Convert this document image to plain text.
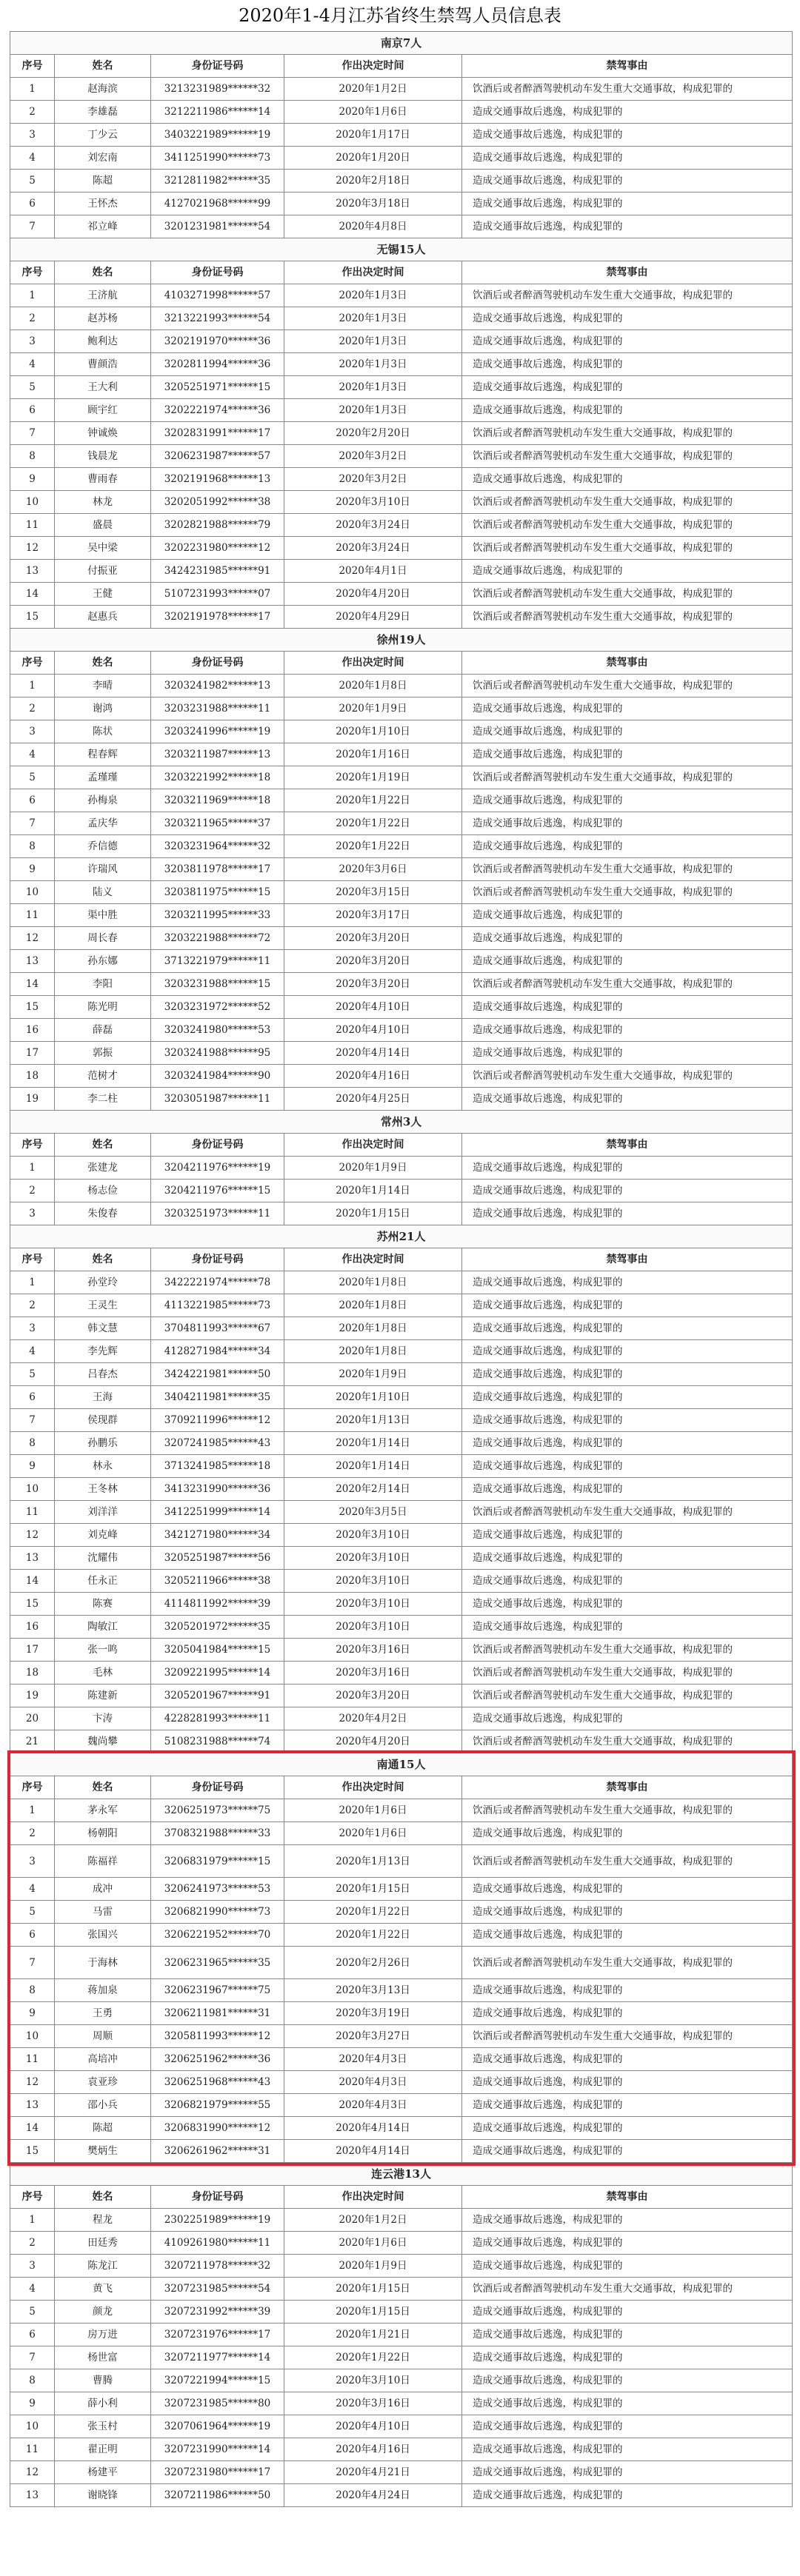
2020年1-4月江苏省终生禁驾人员信息表
南京7人				
序号	姓名	身份证号码	作出决定时间	禁驾事由
1	赵海滨	3213231989******32	2020年1月2日	饮酒后或者醉酒驾驶机动车发生重大交通事故，构成犯罪的
2	李雄磊	3212211986******14	2020年1月6日	造成交通事故后逃逸，构成犯罪的
3	丁少云	3403221989******19	2020年1月17日	造成交通事故后逃逸，构成犯罪的
4	刘宏南	3411251990******73	2020年1月20日	造成交通事故后逃逸，构成犯罪的
5	陈超	3212811982******35	2020年2月18日	造成交通事故后逃逸，构成犯罪的
6	王怀杰	4127021968******99	2020年3月18日	造成交通事故后逃逸，构成犯罪的
7	祁立峰	3201231981******54	2020年4月8日	造成交通事故后逃逸，构成犯罪的
无锡15人				
序号	姓名	身份证号码	作出决定时间	禁驾事由
1	王济航	4103271998******57	2020年1月3日	饮酒后或者醉酒驾驶机动车发生重大交通事故，构成犯罪的
2	赵苏杨	3213221993******54	2020年1月3日	造成交通事故后逃逸，构成犯罪的
3	鲍利达	3202191970******36	2020年1月3日	造成交通事故后逃逸，构成犯罪的
4	曹颜浩	3202811994******36	2020年1月3日	造成交通事故后逃逸，构成犯罪的
5	王大利	3205251971******15	2020年1月3日	造成交通事故后逃逸，构成犯罪的
6	顾宇红	3202221974******36	2020年1月3日	造成交通事故后逃逸，构成犯罪的
7	钟诚焕	3202831991******17	2020年2月20日	饮酒后或者醉酒驾驶机动车发生重大交通事故，构成犯罪的
8	钱晨龙	3206231987******57	2020年3月2日	饮酒后或者醉酒驾驶机动车发生重大交通事故，构成犯罪的
9	曹雨春	3202191968******13	2020年3月2日	造成交通事故后逃逸，构成犯罪的
10	林龙	3202051992******38	2020年3月10日	饮酒后或者醉酒驾驶机动车发生重大交通事故，构成犯罪的
11	盛晨	3202821988******79	2020年3月24日	饮酒后或者醉酒驾驶机动车发生重大交通事故，构成犯罪的
12	吴中梁	3202231980******12	2020年3月24日	饮酒后或者醉酒驾驶机动车发生重大交通事故，构成犯罪的
13	付振亚	3424231985******91	2020年4月1日	造成交通事故后逃逸，构成犯罪的
14	王健	5107231993******07	2020年4月20日	饮酒后或者醉酒驾驶机动车发生重大交通事故，构成犯罪的
15	赵惠兵	3202191978******17	2020年4月29日	饮酒后或者醉酒驾驶机动车发生重大交通事故，构成犯罪的
徐州19人				
序号	姓名	身份证号码	作出决定时间	禁驾事由
1	李晴	3203241982******13	2020年1月8日	饮酒后或者醉酒驾驶机动车发生重大交通事故，构成犯罪的
2	谢鸿	3203231988******11	2020年1月9日	造成交通事故后逃逸，构成犯罪的
3	陈状	3203241996******19	2020年1月10日	造成交通事故后逃逸，构成犯罪的
4	程春辉	3203211987******13	2020年1月16日	造成交通事故后逃逸，构成犯罪的
5	孟瑾瑾	3203221992******18	2020年1月19日	饮酒后或者醉酒驾驶机动车发生重大交通事故，构成犯罪的
6	孙梅泉	3203211969******18	2020年1月22日	造成交通事故后逃逸，构成犯罪的
7	孟庆华	3203211965******37	2020年1月22日	造成交通事故后逃逸，构成犯罪的
8	乔信德	3203231964******32	2020年1月22日	造成交通事故后逃逸，构成犯罪的
9	许瑞风	3203811978******17	2020年3月6日	饮酒后或者醉酒驾驶机动车发生重大交通事故，构成犯罪的
10	陆义	3203811975******15	2020年3月15日	饮酒后或者醉酒驾驶机动车发生重大交通事故，构成犯罪的
11	渠中胜	3203211995******33	2020年3月17日	造成交通事故后逃逸，构成犯罪的
12	周长春	3203221988******72	2020年3月20日	造成交通事故后逃逸，构成犯罪的
13	孙东娜	3713221979******11	2020年3月20日	造成交通事故后逃逸，构成犯罪的
14	李阳	3203231988******15	2020年3月20日	饮酒后或者醉酒驾驶机动车发生重大交通事故，构成犯罪的
15	陈光明	3203231972******52	2020年4月10日	造成交通事故后逃逸，构成犯罪的
16	薛磊	3203241980******53	2020年4月10日	造成交通事故后逃逸，构成犯罪的
17	郭振	3203241988******95	2020年4月14日	造成交通事故后逃逸，构成犯罪的
18	范树才	3203241984******90	2020年4月16日	饮酒后或者醉酒驾驶机动车发生重大交通事故，构成犯罪的
19	李二柱	3203051987******11	2020年4月25日	造成交通事故后逃逸，构成犯罪的
常州3人				
序号	姓名	身份证号码	作出决定时间	禁驾事由
1	张建龙	3204211976******19	2020年1月9日	造成交通事故后逃逸，构成犯罪的
2	杨志俭	3204211976******15	2020年1月14日	造成交通事故后逃逸，构成犯罪的
3	朱俊春	3203251973******11	2020年1月15日	造成交通事故后逃逸，构成犯罪的
苏州21人				
序号	姓名	身份证号码	作出决定时间	禁驾事由
1	孙堂玲	3422221974******78	2020年1月8日	造成交通事故后逃逸，构成犯罪的
2	王灵生	4113221985******73	2020年1月8日	造成交通事故后逃逸，构成犯罪的
3	韩文慧	3704811993******67	2020年1月8日	造成交通事故后逃逸，构成犯罪的
4	李先辉	4128271984******34	2020年1月8日	造成交通事故后逃逸，构成犯罪的
5	吕春杰	3424221981******50	2020年1月9日	造成交通事故后逃逸，构成犯罪的
6	王海	3404211981******35	2020年1月10日	造成交通事故后逃逸，构成犯罪的
7	侯现群	3709211996******12	2020年1月13日	造成交通事故后逃逸，构成犯罪的
8	孙鹏乐	3207241985******43	2020年1月14日	造成交通事故后逃逸，构成犯罪的
9	林永	3713241985******18	2020年1月14日	造成交通事故后逃逸，构成犯罪的
10	王冬林	3413231990******36	2020年2月14日	造成交通事故后逃逸，构成犯罪的
11	刘洋洋	3412251999******14	2020年3月5日	饮酒后或者醉酒驾驶机动车发生重大交通事故，构成犯罪的
12	刘克峰	3421271980******34	2020年3月10日	造成交通事故后逃逸，构成犯罪的
13	沈耀伟	3205251987******56	2020年3月10日	造成交通事故后逃逸，构成犯罪的
14	任永正	3205211966******38	2020年3月10日	造成交通事故后逃逸，构成犯罪的
15	陈赛	4114811992******39	2020年3月10日	造成交通事故后逃逸，构成犯罪的
16	陶敏江	3205201972******35	2020年3月10日	造成交通事故后逃逸，构成犯罪的
17	张一鸣	3205041984******15	2020年3月16日	饮酒后或者醉酒驾驶机动车发生重大交通事故，构成犯罪的
18	毛林	3209221995******14	2020年3月16日	饮酒后或者醉酒驾驶机动车发生重大交通事故，构成犯罪的
19	陈建新	3205201967******91	2020年3月20日	饮酒后或者醉酒驾驶机动车发生重大交通事故，构成犯罪的
20	卞涛	4228281993******11	2020年4月2日	造成交通事故后逃逸，构成犯罪的
21	魏尚攀	5108231988******74	2020年4月20日	饮酒后或者醉酒驾驶机动车发生重大交通事故，构成犯罪的
南通15人				
序号	姓名	身份证号码	作出决定时间	禁驾事由
1	茅永军	3206251973******75	2020年1月6日	饮酒后或者醉酒驾驶机动车发生重大交通事故，构成犯罪的
2	杨朝阳	3708321988******33	2020年1月6日	造成交通事故后逃逸，构成犯罪的
3	陈福祥	3206831979******15	2020年1月13日	饮酒后或者醉酒驾驶机动车发生重大交通事故，构成犯罪的
4	成冲	3206241973******53	2020年1月15日	造成交通事故后逃逸，构成犯罪的
5	马雷	3206821990******73	2020年1月22日	造成交通事故后逃逸，构成犯罪的
6	张国兴	3206221952******70	2020年1月22日	造成交通事故后逃逸，构成犯罪的
7	于海林	3206231965******35	2020年2月26日	饮酒后或者醉酒驾驶机动车发生重大交通事故，构成犯罪的
8	蒋加泉	3206231967******75	2020年3月13日	造成交通事故后逃逸，构成犯罪的
9	王勇	3206211981******31	2020年3月19日	造成交通事故后逃逸，构成犯罪的
10	周顺	3205811993******12	2020年3月27日	饮酒后或者醉酒驾驶机动车发生重大交通事故，构成犯罪的
11	高培冲	3206251962******36	2020年4月3日	造成交通事故后逃逸，构成犯罪的
12	袁亚珍	3206251968******43	2020年4月3日	造成交通事故后逃逸，构成犯罪的
13	邵小兵	3206821979******55	2020年4月3日	造成交通事故后逃逸，构成犯罪的
14	陈超	3206831990******12	2020年4月14日	造成交通事故后逃逸，构成犯罪的
15	樊炳生	3206261962******31	2020年4月14日	造成交通事故后逃逸，构成犯罪的
连云港13人				
序号	姓名	身份证号码	作出决定时间	禁驾事由
1	程龙	2302251989******19	2020年1月2日	造成交通事故后逃逸，构成犯罪的
2	田廷秀	4109261980******11	2020年1月6日	造成交通事故后逃逸，构成犯罪的
3	陈龙江	3207211978******32	2020年1月9日	造成交通事故后逃逸，构成犯罪的
4	黄飞	3207231985******54	2020年1月15日	饮酒后或者醉酒驾驶机动车发生重大交通事故，构成犯罪的
5	颜龙	3207231992******39	2020年1月15日	造成交通事故后逃逸，构成犯罪的
6	房万进	3207231976******17	2020年1月21日	造成交通事故后逃逸，构成犯罪的
7	杨世富	3207211977******14	2020年1月22日	造成交通事故后逃逸，构成犯罪的
8	曹腾	3207221994******15	2020年3月10日	造成交通事故后逃逸，构成犯罪的
9	薛小利	3207231985******80	2020年3月16日	造成交通事故后逃逸，构成犯罪的
10	张玉村	3207061964******19	2020年4月10日	造成交通事故后逃逸，构成犯罪的
11	翟正明	3207231990******14	2020年4月16日	造成交通事故后逃逸，构成犯罪的
12	杨建平	3207231980******17	2020年4月21日	造成交通事故后逃逸，构成犯罪的
13	谢晓锋	3207211986******50	2020年4月24日	造成交通事故后逃逸，构成犯罪的
